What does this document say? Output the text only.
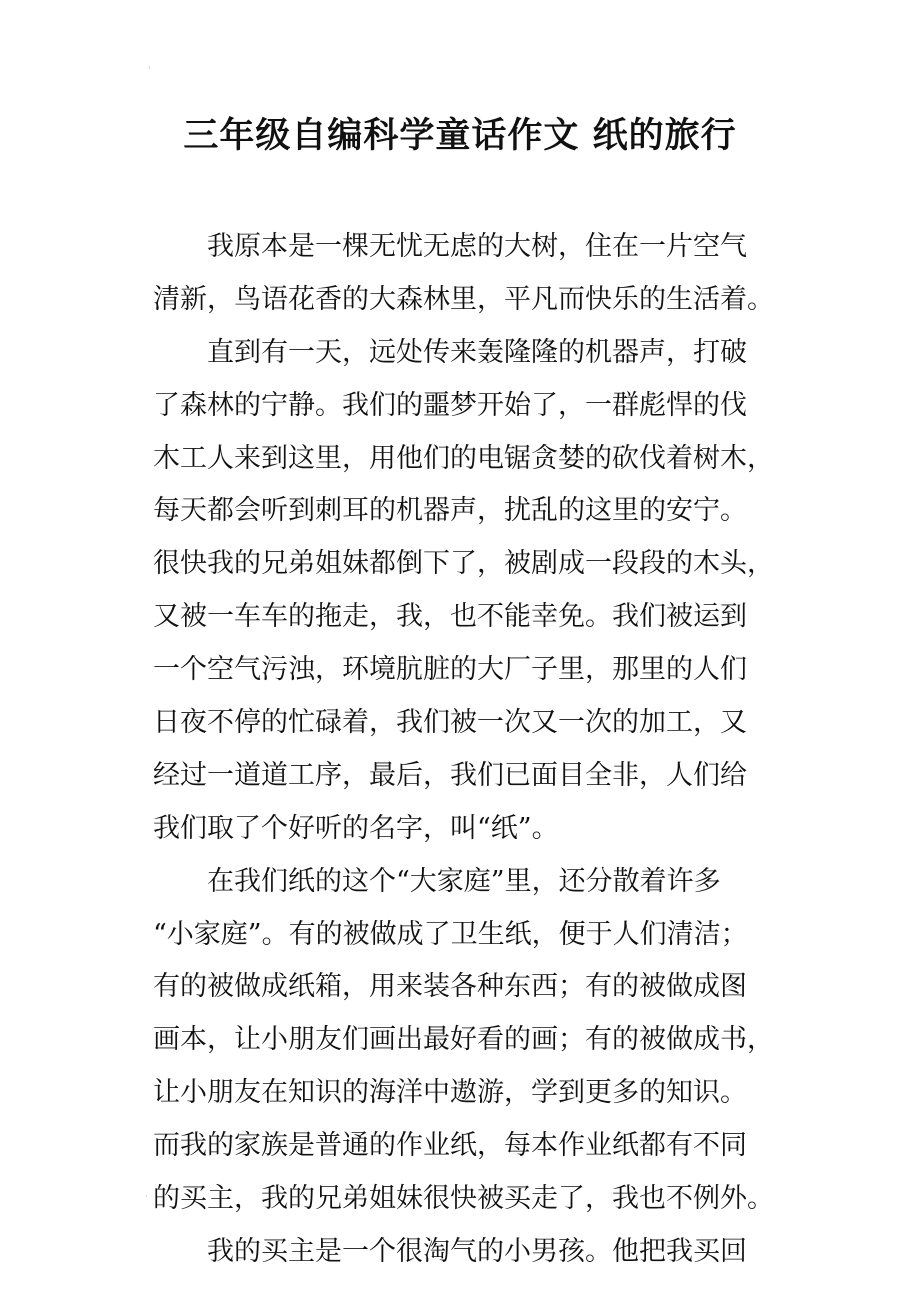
'
三年级自编科学童话作文 纸的旅行
　　我原本是一棵无忧无虑的大树，住在一片空气
清新，鸟语花香的大森林里，平凡而快乐的生活着。
　　直到有一天，远处传来轰隆隆的机器声，打破
了森林的宁静。我们的噩梦开始了，一群彪悍的伐
木工人来到这里，用他们的电锯贪婪的砍伐着树木，
每天都会听到刺耳的机器声，扰乱的这里的安宁。
很快我的兄弟姐妹都倒下了，被剧成一段段的木头，
又被一车车的拖走，我，也不能幸免。我们被运到
一个空气污浊，环境肮脏的大厂子里，那里的人们
日夜不停的忙碌着，我们被一次又一次的加工，又
经过一道道工序，最后，我们已面目全非，人们给
我们取了个好听的名字，叫“纸”。
　　在我们纸的这个“大家庭”里，还分散着许多
“小家庭”。有的被做成了卫生纸，便于人们清洁；
有的被做成纸箱，用来装各种东西；有的被做成图
画本，让小朋友们画出最好看的画；有的被做成书，
让小朋友在知识的海洋中遨游，学到更多的知识。
而我的家族是普通的作业纸，每本作业纸都有不同
的买主，我的兄弟姐妹很快被买走了，我也不例外。
　　我的买主是一个很淘气的小男孩。他把我买回
·
